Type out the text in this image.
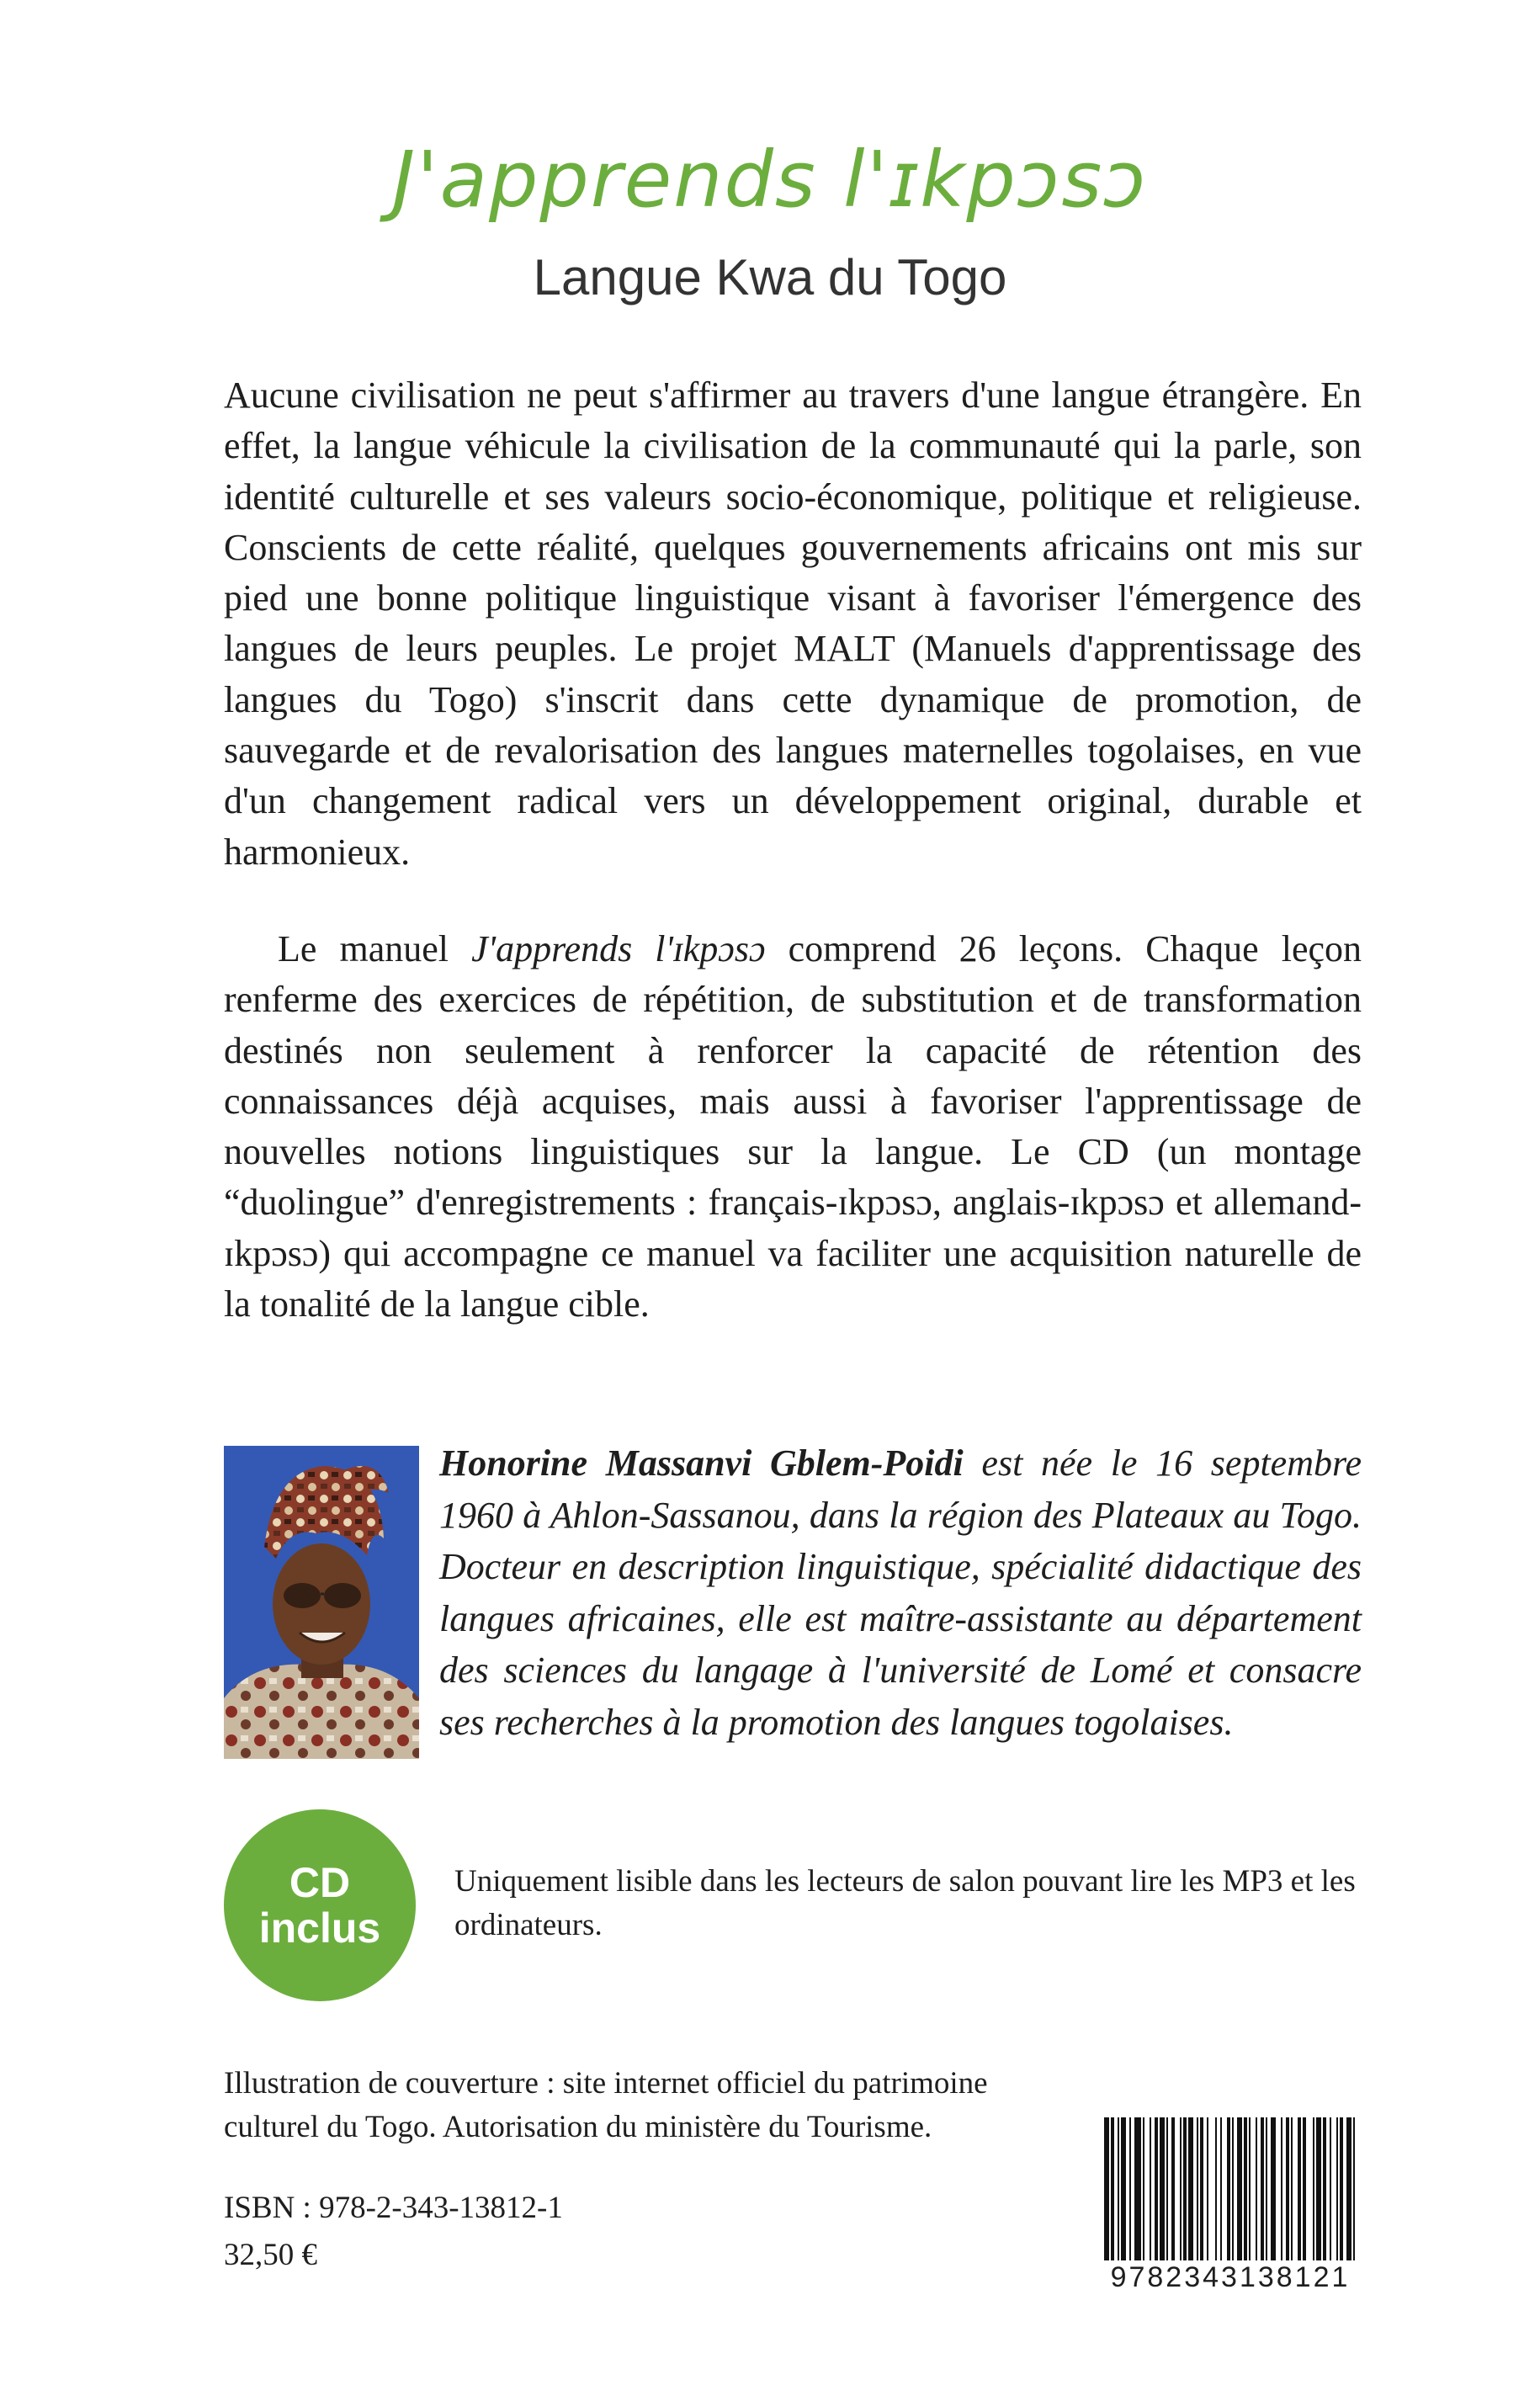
J'apprends l'ɪkpɔsɔ
Langue Kwa du Togo

Aucune civilisation ne peut s'affirmer au travers d'une langue étrangère. En effet, la langue véhicule la civilisation de la communauté qui la parle, son identité culturelle et ses valeurs socio-économique, politique et religieuse. Conscients de cette réalité, quelques gouvernements africains ont mis sur pied une bonne politique linguistique visant à favoriser l'émergence des langues de leurs peuples. Le projet MALT (Manuels d'apprentissage des langues du Togo) s'inscrit dans cette dynamique de promotion, de sauvegarde et de revalorisation des langues maternelles togolaises, en vue d'un changement radical vers un développement original, durable et harmonieux.

Le manuel J'apprends l'ɪkpɔsɔ comprend 26 leçons. Chaque leçon renferme des exercices de répétition, de substitution et de transformation destinés non seulement à renforcer la capacité de rétention des connaissances déjà acquises, mais aussi à favoriser l'apprentissage de nouvelles notions linguistiques sur la langue. Le CD (un montage “duolingue” d'enregistrements : français-ɪkpɔsɔ, anglais-ɪkpɔsɔ et allemand-ɪkpɔsɔ) qui accompagne ce manuel va faciliter une acquisition naturelle de la tonalité de la langue cible.

Honorine Massanvi Gblem-Poidi est née le 16 septembre 1960 à Ahlon-Sassanou, dans la région des Plateaux au Togo. Docteur en description linguistique, spécialité didactique des langues africaines, elle est maître-assistante au département des sciences du langage à l'université de Lomé et consacre ses recherches à la promotion des langues togolaises.

CD
inclus
Uniquement lisible dans les lecteurs de salon pouvant lire les MP3 et les ordinateurs.
Illustration de couverture : site internet officiel du patrimoine culturel du Togo. Autorisation du ministère du Tourisme.
ISBN : 978-2-343-13812-1
32,50 €
9782343138121
